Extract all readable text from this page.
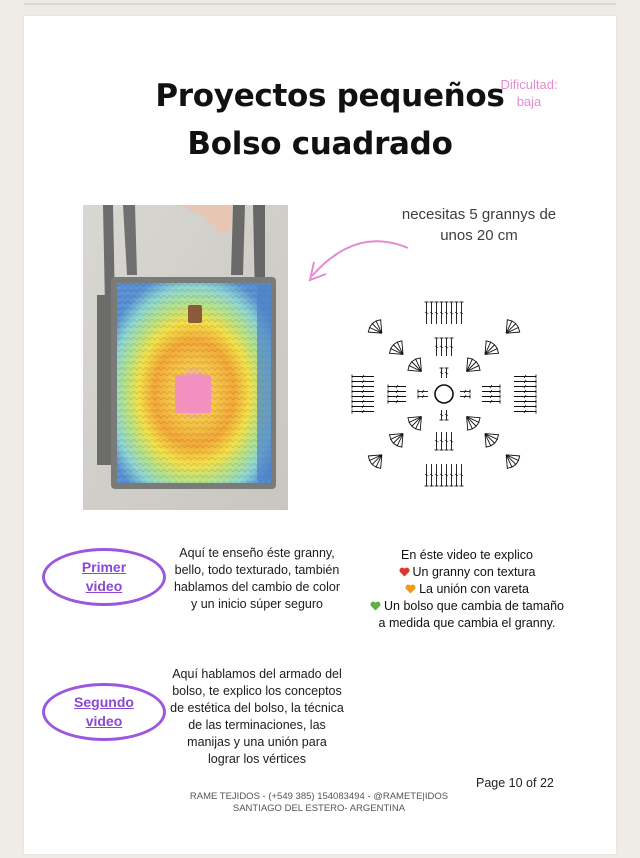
Proyectos pequeños
Bolso cuadrado
Dificultad:
baja
necesitas 5 grannys de unos 20 cm
Primer
video
Aquí te enseño éste granny,
bello, todo texturado, también
hablamos del cambio de color
y un inicio súper seguro
En éste video te explico
Un granny con textura
La unión con vareta
Un bolso que cambia de tamaño
a medida que cambia el granny.
Segundo
video
Aquí hablamos del armado del
bolso, te explico los conceptos
de estética del bolso, la técnica
de las terminaciones, las
manijas y una unión para
lograr los vértices
Page 10 of 22
RAME TEJIDOS - (+549 385) 154083494 - @RAMETE|IDOS
SANTIAGO DEL ESTERO- ARGENTINA
